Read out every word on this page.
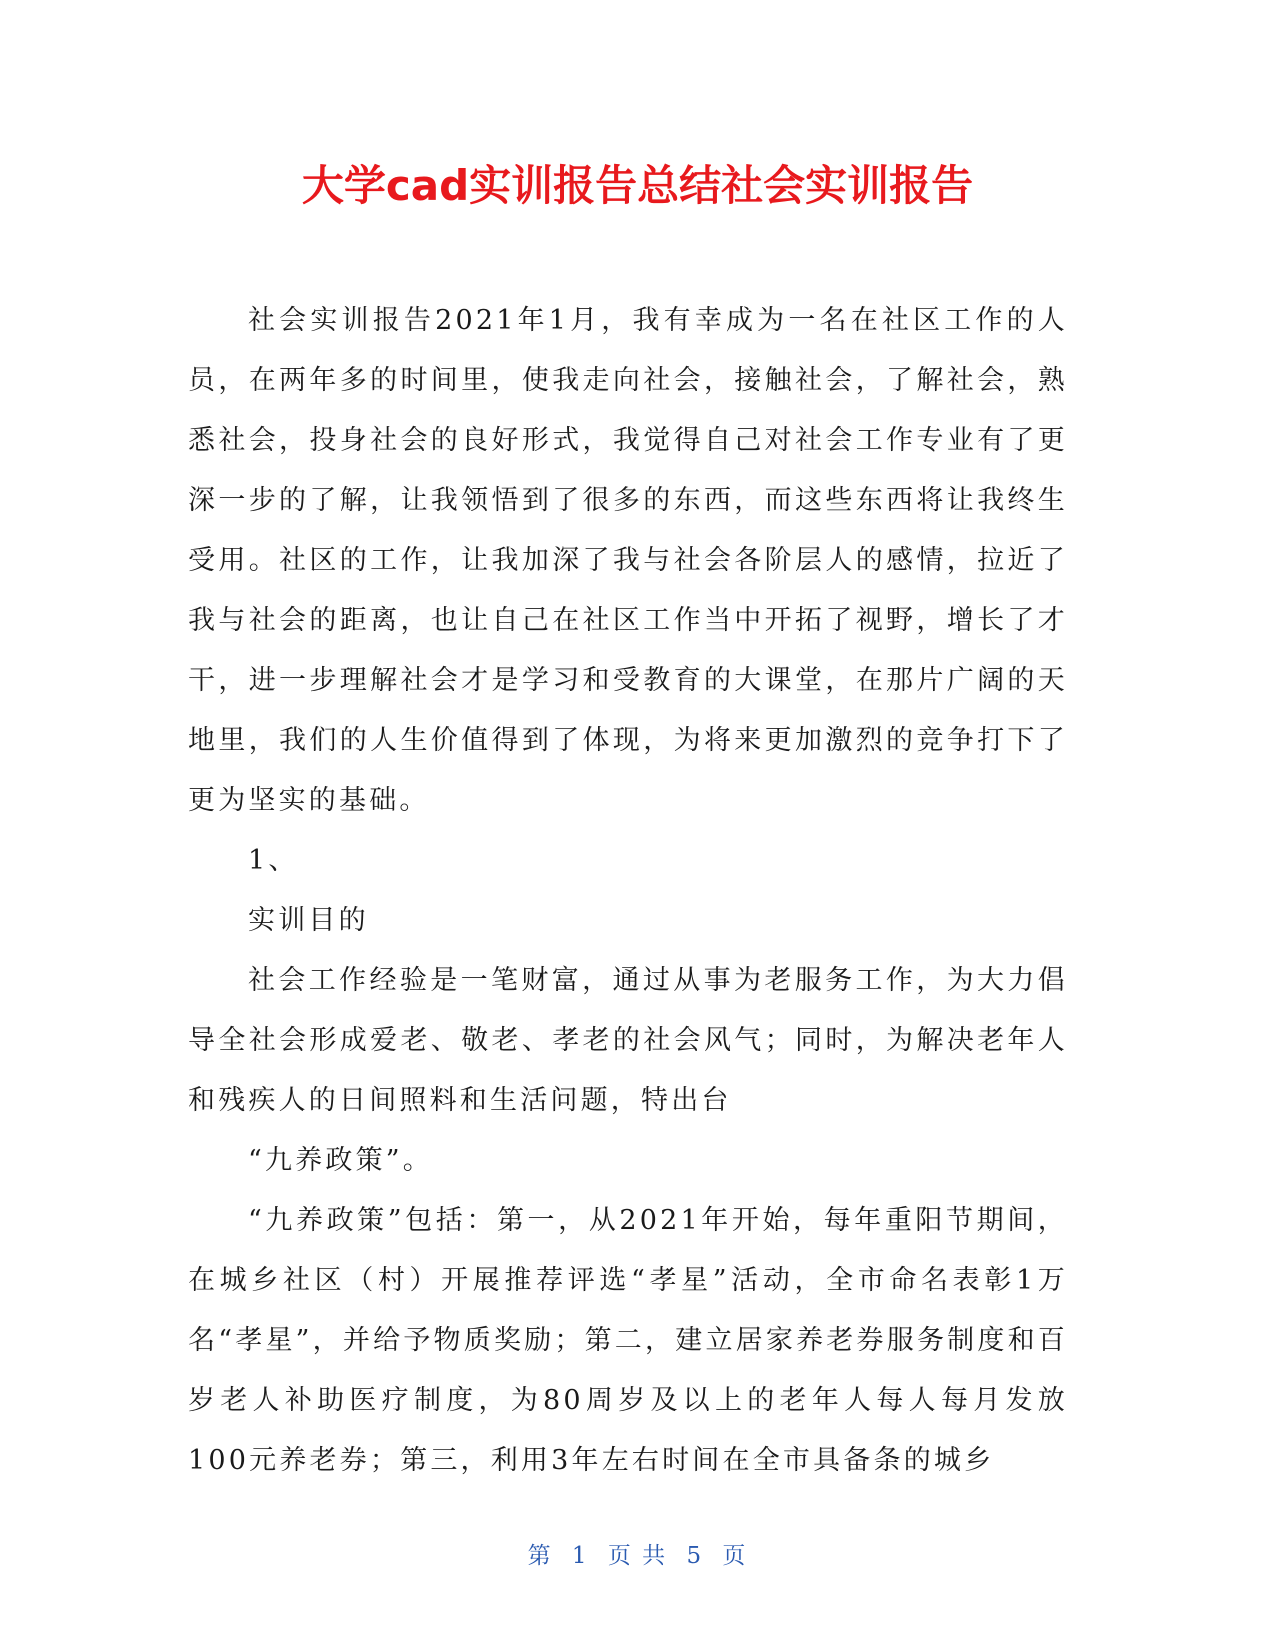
大学cad实训报告总结社会实训报告

社会实训报告2021年1月，我有幸成为一名在社区工作的人员，在两年多的时间里，使我走向社会，接触社会，了解社会，熟悉社会，投身社会的良好形式，我觉得自己对社会工作专业有了更深一步的了解，让我领悟到了很多的东西，而这些东西将让我终生受用。社区的工作，让我加深了我与社会各阶层人的感情，拉近了我与社会的距离，也让自己在社区工作当中开拓了视野，增长了才干，进一步理解社会才是学习和受教育的大课堂，在那片广阔的天地里，我们的人生价值得到了体现，为将来更加激烈的竞争打下了更为坚实的基础。

1、

实训目的

社会工作经验是一笔财富，通过从事为老服务工作，为大力倡导全社会形成爱老、敬老、孝老的社会风气；同时，为解决老年人和残疾人的日间照料和生活问题，特出台

“九养政策”。

“九养政策”包括：第一，从2021年开始，每年重阳节期间，在城乡社区（村）开展推荐评选“孝星”活动，全市命名表彰1万名“孝星”，并给予物质奖励；第二，建立居家养老券服务制度和百岁老人补助医疗制度，为80周岁及以上的老年人每人每月发放100元养老券；第三，利用3年左右时间在全市具备条的城乡

第 1 页 共 5 页
